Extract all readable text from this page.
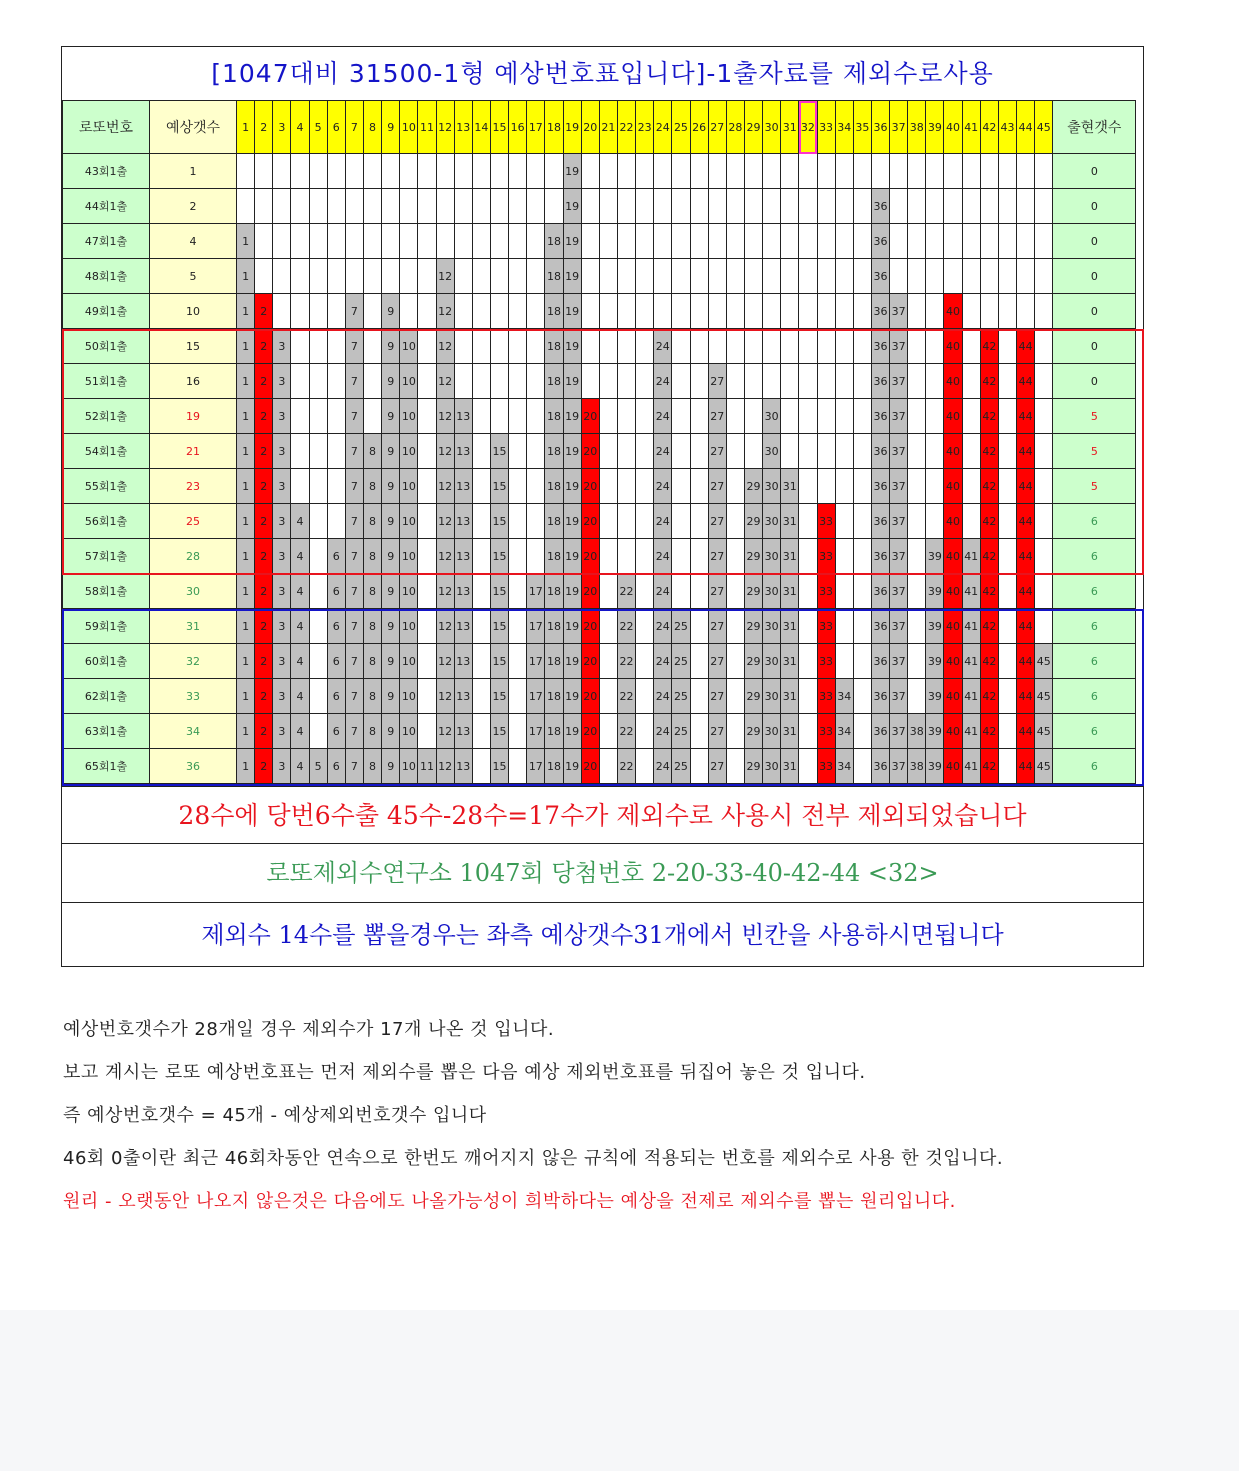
[1047대비 31500-1형 예상번호표입니다]-1출자료를 제외수로사용
로또번호	예상갯수	1	2	3	4	5	6	7	8	9	10	11	12	13	14	15	16	17	18	19	20	21	22	23	24	25	26	27	28	29	30	31	32	33	34	35	36	37	38	39	40	41	42	43	44	45	출현갯수
43회1출	1																			19																											0
44회1출	2																			19																	36										0
47회1출	4	1																	18	19																	36										0
48회1출	5	1											12						18	19																	36										0
49회1출	10	1	2					7		9			12						18	19																	36	37			40						0
50회1출	15	1	2	3				7		9	10		12						18	19					24												36	37			40		42		44		0
51회1출	16	1	2	3				7		9	10		12						18	19					24			27									36	37			40		42		44		0
52회1출	19	1	2	3				7		9	10		12	13					18	19	20				24			27			30						36	37			40		42		44		5
54회1출	21	1	2	3				7	8	9	10		12	13		15			18	19	20				24			27			30						36	37			40		42		44		5
55회1출	23	1	2	3				7	8	9	10		12	13		15			18	19	20				24			27		29	30	31					36	37			40		42		44		5
56회1출	25	1	2	3	4			7	8	9	10		12	13		15			18	19	20				24			27		29	30	31		33			36	37			40		42		44		6
57회1출	28	1	2	3	4		6	7	8	9	10		12	13		15			18	19	20				24			27		29	30	31		33			36	37		39	40	41	42		44		6
58회1출	30	1	2	3	4		6	7	8	9	10		12	13		15		17	18	19	20		22		24			27		29	30	31		33			36	37		39	40	41	42		44		6
59회1출	31	1	2	3	4		6	7	8	9	10		12	13		15		17	18	19	20		22		24	25		27		29	30	31		33			36	37		39	40	41	42		44		6
60회1출	32	1	2	3	4		6	7	8	9	10		12	13		15		17	18	19	20		22		24	25		27		29	30	31		33			36	37		39	40	41	42		44	45	6
62회1출	33	1	2	3	4		6	7	8	9	10		12	13		15		17	18	19	20		22		24	25		27		29	30	31		33	34		36	37		39	40	41	42		44	45	6
63회1출	34	1	2	3	4		6	7	8	9	10		12	13		15		17	18	19	20		22		24	25		27		29	30	31		33	34		36	37	38	39	40	41	42		44	45	6
65회1출	36	1	2	3	4	5	6	7	8	9	10	11	12	13		15		17	18	19	20		22		24	25		27		29	30	31		33	34		36	37	38	39	40	41	42		44	45	6
28수에 당번6수출 45수-28수=17수가 제외수로 사용시 전부 제외되었습니다
로또제외수연구소 1047회 당첨번호 2-20-33-40-42-44 <32>
제외수 14수를 뽑을경우는 좌측 예상갯수31개에서 빈칸을 사용하시면됩니다
예상번호갯수가 28개일 경우 제외수가 17개 나온 것 입니다.
보고 계시는 로또 예상번호표는 먼저 제외수를 뽑은 다음 예상 제외번호표를 뒤집어 놓은 것 입니다.
즉 예상번호갯수 = 45개 - 예상제외번호갯수 입니다
46회 0출이란 최근 46회차동안 연속으로 한번도 깨어지지 않은 규칙에 적용되는 번호를 제외수로 사용 한 것입니다.
원리 - 오랫동안 나오지 않은것은 다음에도 나올가능성이 희박하다는 예상을 전제로 제외수를 뽑는 원리입니다.
